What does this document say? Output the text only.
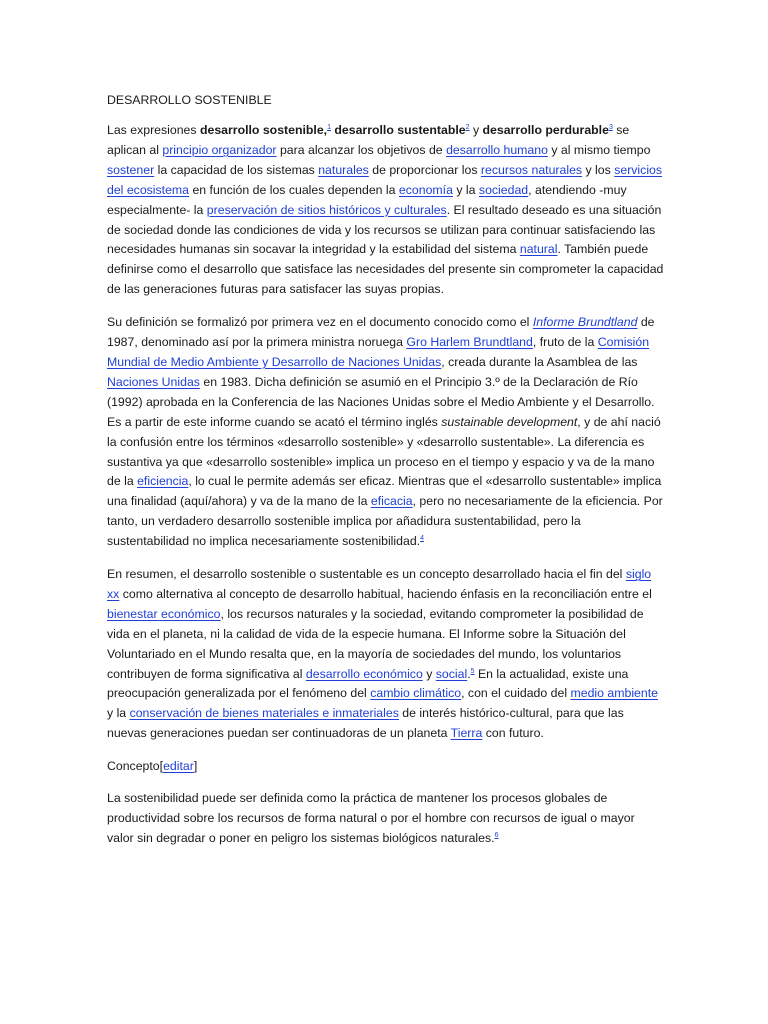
DESARROLLO SOSTENIBLE

Las expresiones desarrollo sostenible,$^1$ desarrollo sustentable$^2$ y desarrollo perdurable$^3$ se aplican al principio organizador para alcanzar los objetivos de desarrollo humano y al mismo tiempo sostener la capacidad de los sistemas naturales de proporcionar los recursos naturales y los servicios del ecosistema en función de los cuales dependen la economía y la sociedad, atendiendo -muy especialmente- la preservación de sitios históricos y culturales. El resultado deseado es una situación de sociedad donde las condiciones de vida y los recursos se utilizan para continuar satisfaciendo las necesidades humanas sin socavar la integridad y la estabilidad del sistema natural. También puede definirse como el desarrollo que satisface las necesidades del presente sin comprometer la capacidad de las generaciones futuras para satisfacer las suyas propias.

Su definición se formalizó por primera vez en el documento conocido como el Informe Brundtland de 1987, denominado así por la primera ministra noruega Gro Harlem Brundtland, fruto de la Comisión Mundial de Medio Ambiente y Desarrollo de Naciones Unidas, creada durante la Asamblea de las Naciones Unidas en 1983. Dicha definición se asumió en el Principio 3.º de la Declaración de Río (1992) aprobada en la Conferencia de las Naciones Unidas sobre el Medio Ambiente y el Desarrollo. Es a partir de este informe cuando se acató el término inglés sustainable development, y de ahí nació la confusión entre los términos «desarrollo sostenible» y «desarrollo sustentable». La diferencia es sustantiva ya que «desarrollo sostenible» implica un proceso en el tiempo y espacio y va de la mano de la eficiencia, lo cual le permite además ser eficaz. Mientras que el «desarrollo sustentable» implica una finalidad (aquí/ahora) y va de la mano de la eficacia, pero no necesariamente de la eficiencia. Por tanto, un verdadero desarrollo sostenible implica por añadidura sustentabilidad, pero la sustentabilidad no implica necesariamente sostenibilidad.$^4$

En resumen, el desarrollo sostenible o sustentable es un concepto desarrollado hacia el fin del siglo xx como alternativa al concepto de desarrollo habitual, haciendo énfasis en la reconciliación entre el bienestar económico, los recursos naturales y la sociedad, evitando comprometer la posibilidad de vida en el planeta, ni la calidad de vida de la especie humana. El Informe sobre la Situación del Voluntariado en el Mundo resalta que, en la mayoría de sociedades del mundo, los voluntarios contribuyen de forma significativa al desarrollo económico y social.$^5$ En la actualidad, existe una preocupación generalizada por el fenómeno del cambio climático, con el cuidado del medio ambiente y la conservación de bienes materiales e inmateriales de interés histórico-cultural, para que las nuevas generaciones puedan ser continuadoras de un planeta Tierra con futuro.

Concepto[editar]

La sostenibilidad puede ser definida como la práctica de mantener los procesos globales de productividad sobre los recursos de forma natural o por el hombre con recursos de igual o mayor valor sin degradar o poner en peligro los sistemas biológicos naturales.$^6$
